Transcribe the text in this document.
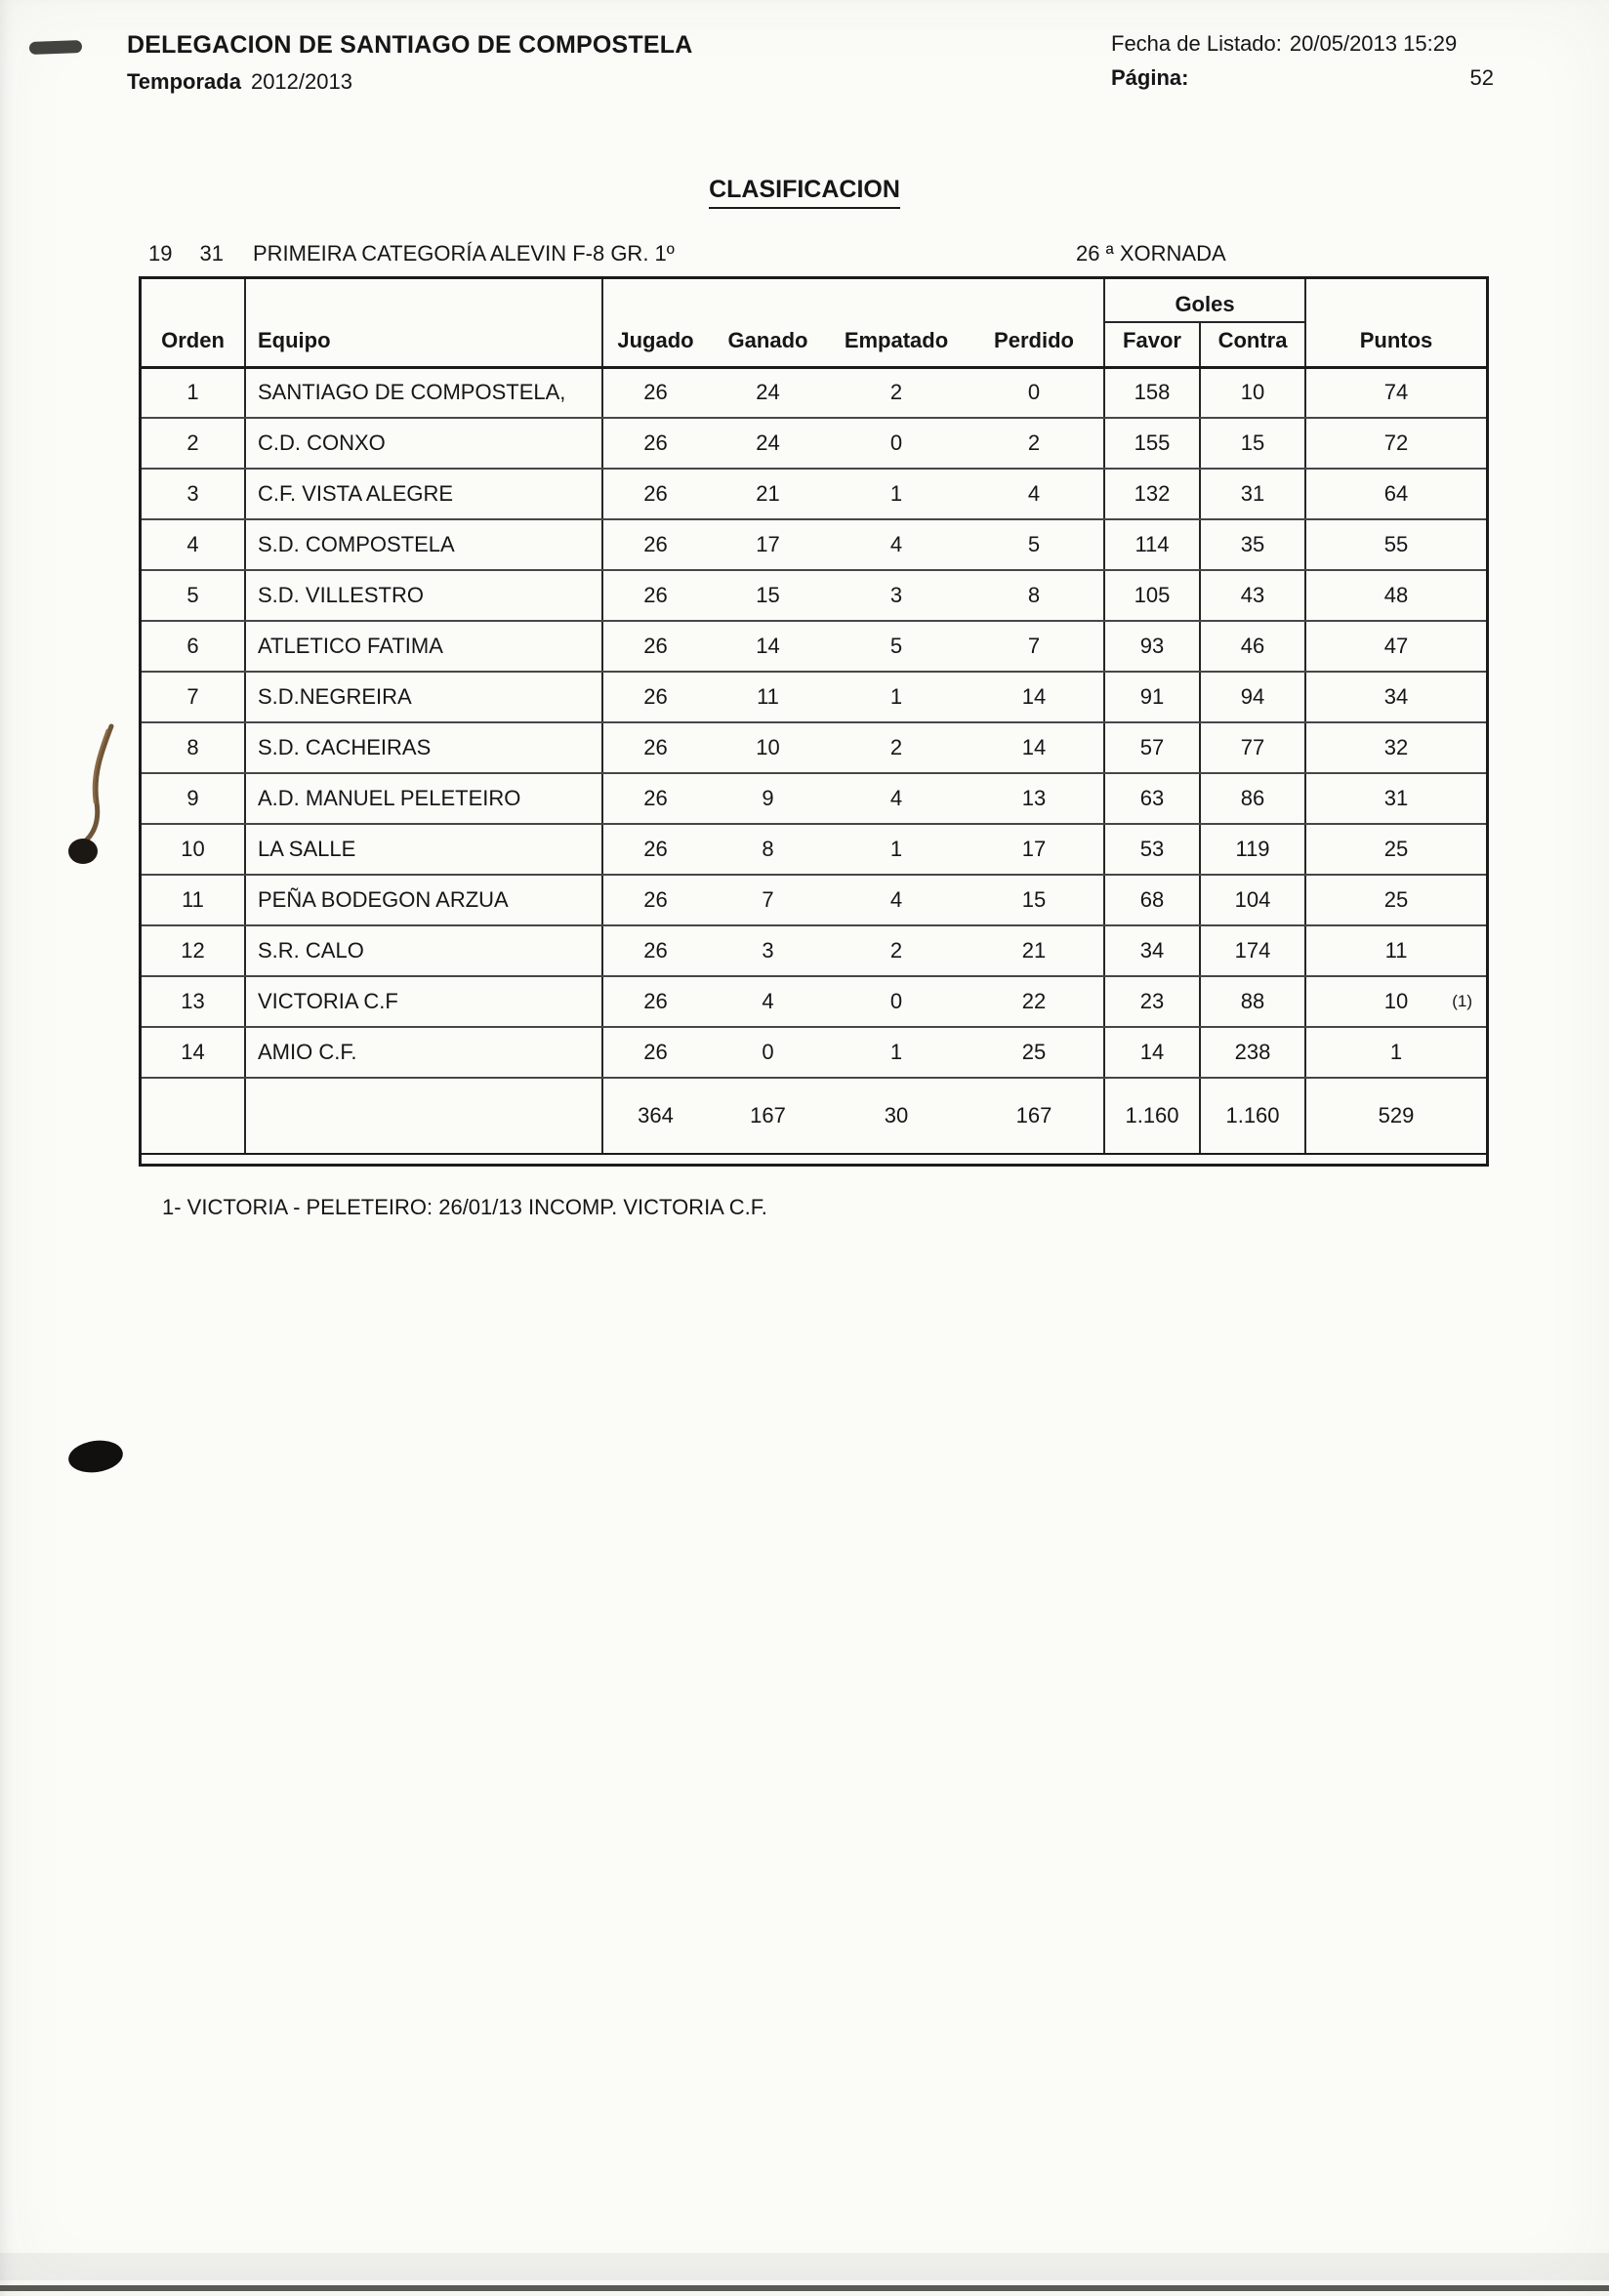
DELEGACION DE SANTIAGO DE COMPOSTELA
Temporada 2012/2013
Fecha de Listado: 20/05/2013 15:29
Página:	52
CLASIFICACION
19 31 PRIMEIRA CATEGORÍA ALEVIN F-8 GR. 1º	26 ª XORNADA
Orden	Equipo	Jugado	Ganado	Empatado	Perdido	Goles		Puntos
						Favor	Contra	
1	SANTIAGO DE COMPOSTELA,	26	24	2	0	158	10	74
2	C.D. CONXO	26	24	0	2	155	15	72
3	C.F. VISTA ALEGRE	26	21	1	4	132	31	64
4	S.D. COMPOSTELA	26	17	4	5	114	35	55
5	S.D. VILLESTRO	26	15	3	8	105	43	48
6	ATLETICO FATIMA	26	14	5	7	93	46	47
7	S.D.NEGREIRA	26	11	1	14	91	94	34
8	S.D. CACHEIRAS	26	10	2	14	57	77	32
9	A.D. MANUEL PELETEIRO	26	9	4	13	63	86	31
10	LA SALLE	26	8	1	17	53	119	25
11	PEÑA BODEGON ARZUA	26	7	4	15	68	104	25
12	S.R. CALO	26	3	2	21	34	174	11
13	VICTORIA C.F	26	4	0	22	23	88	10 (1)

14	AMIO C.F.	26	0	1	25	14	238	1
		364	167	30	167	1.160	1.160	529

1- VICTORIA - PELETEIRO: 26/01/13 INCOMP. VICTORIA C.F.
